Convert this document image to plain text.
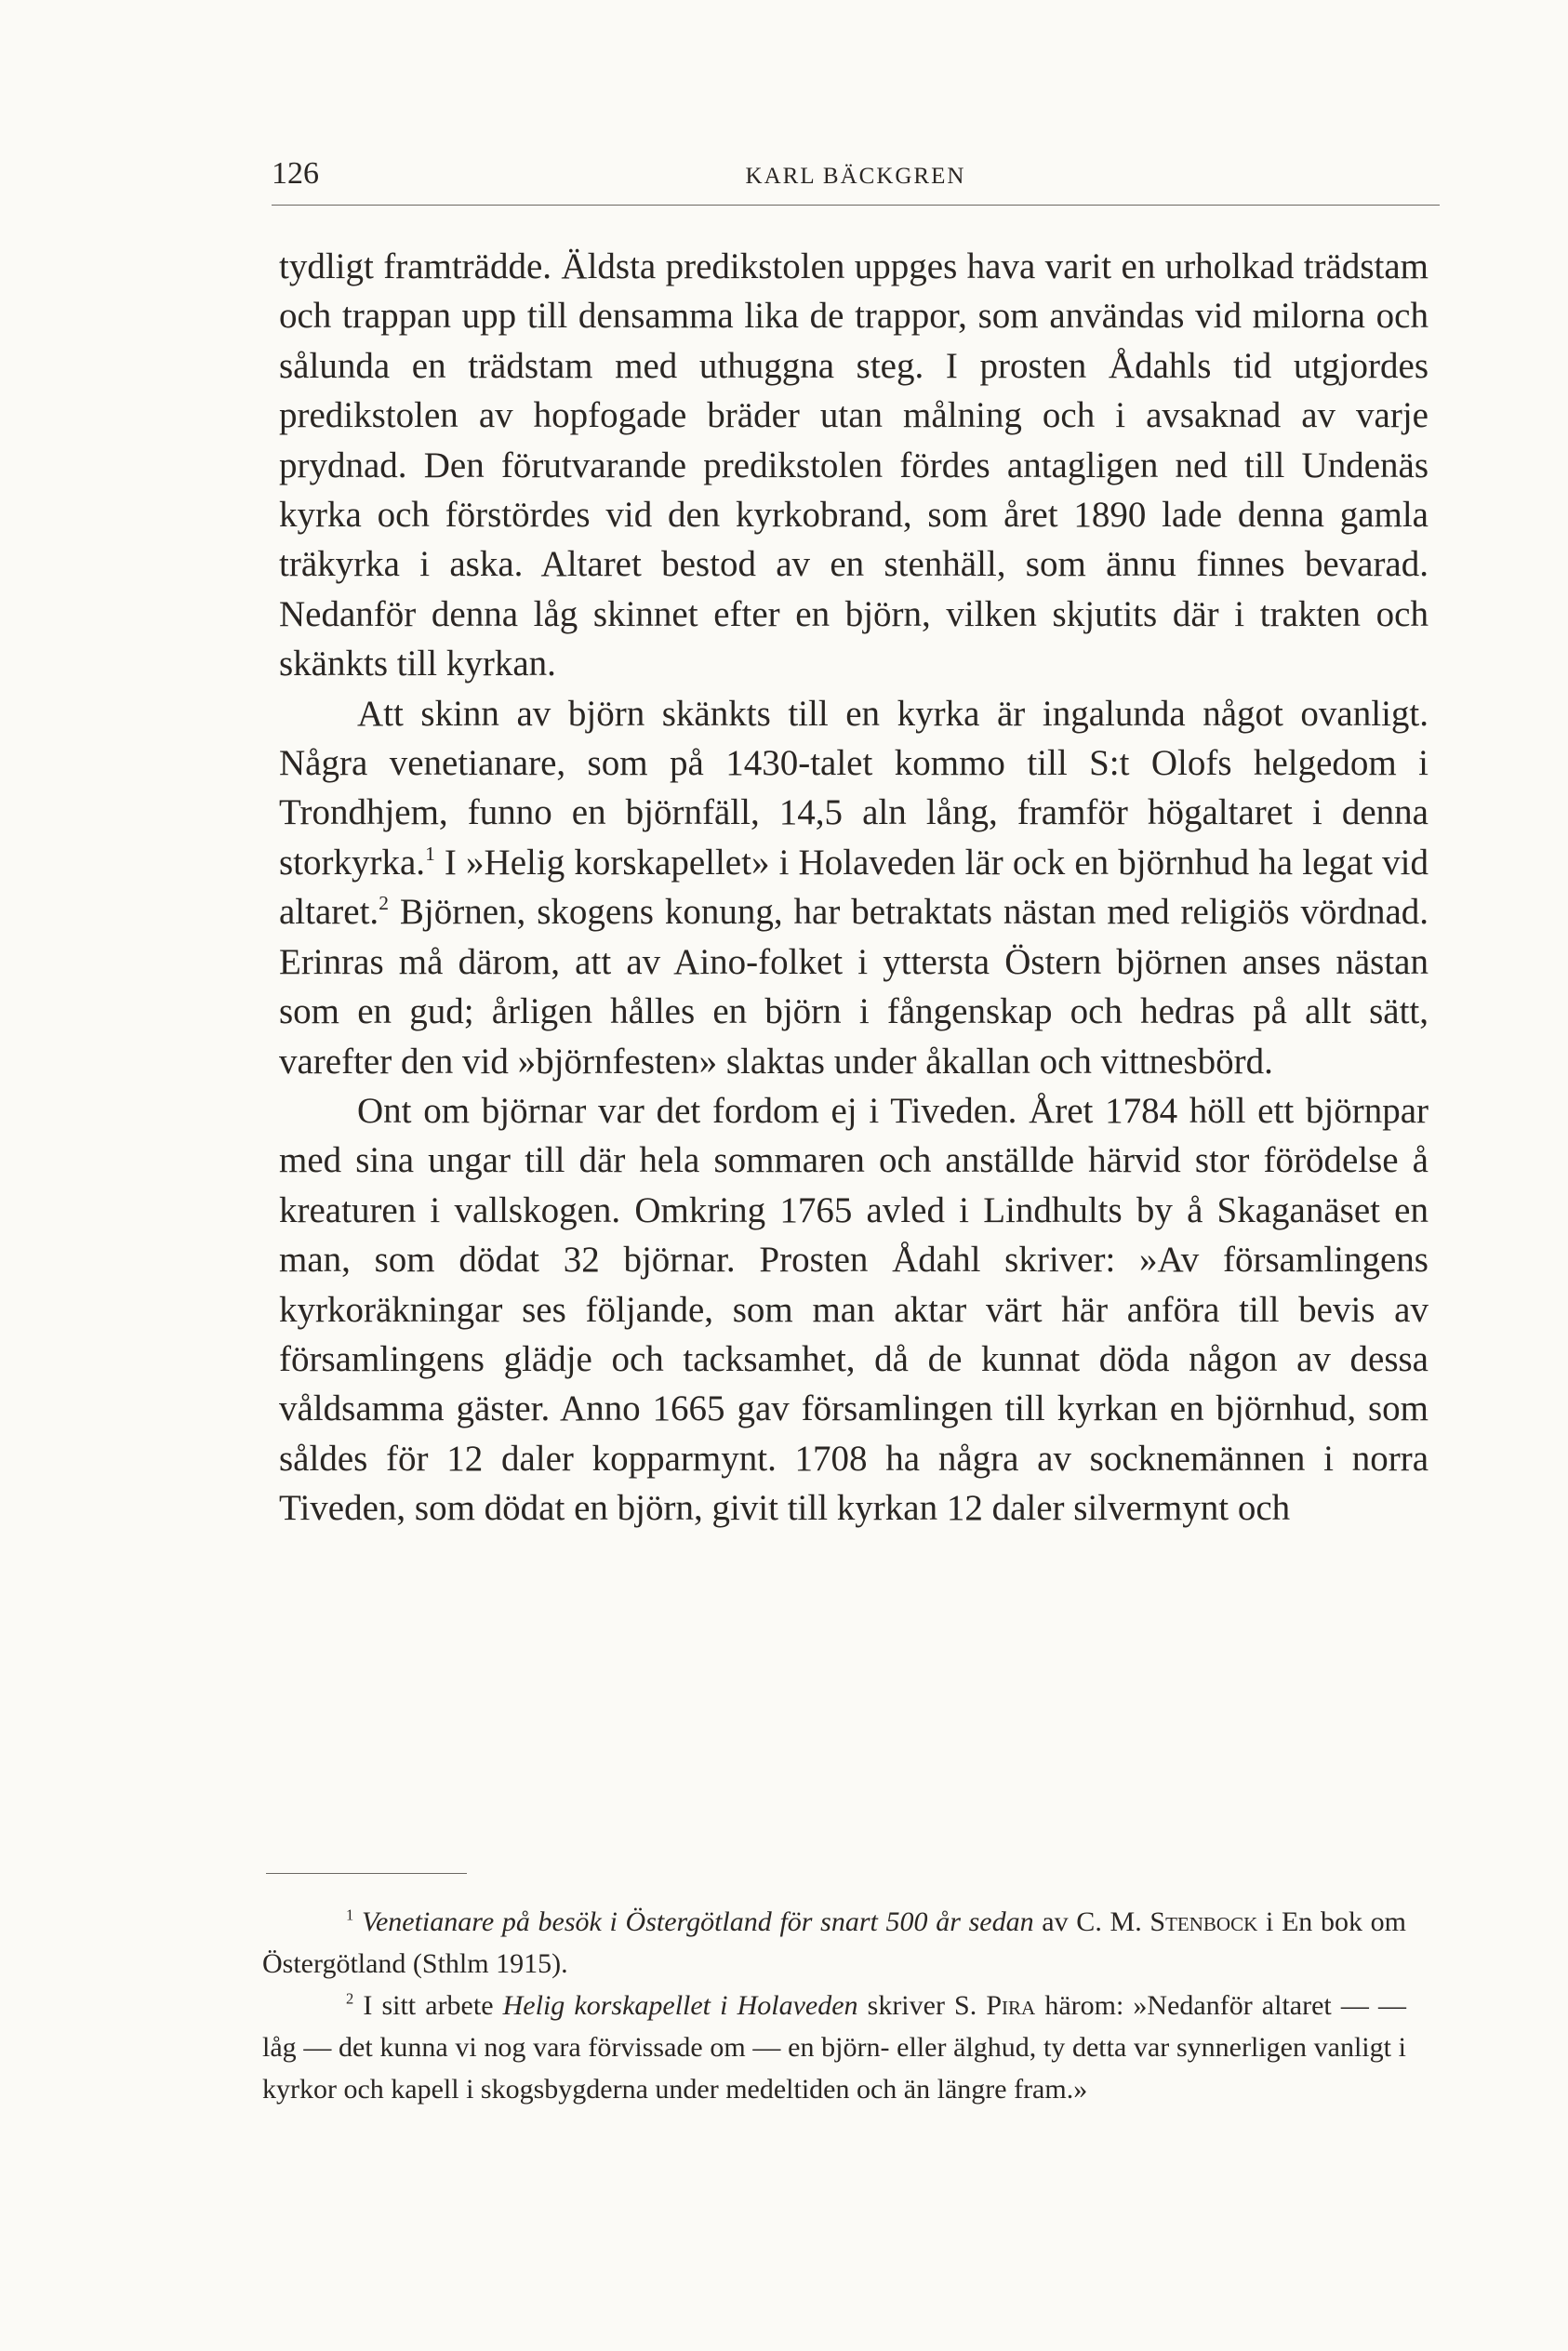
126	KARL BÄCKGREN

tydligt framträdde. Äldsta predikstolen uppges hava varit en urholkad trädstam och trappan upp till densamma lika de trappor, som användas vid milorna och sålunda en trädstam med uthuggna steg. I prosten Ådahls tid utgjordes predikstolen av hopfogade bräder utan målning och i avsaknad av varje prydnad. Den förutvarande predikstolen fördes antagligen ned till Undenäs kyrka och förstördes vid den kyrkobrand, som året 1890 lade denna gamla träkyrka i aska. Altaret bestod av en stenhäll, som ännu finnes bevarad. Nedanför denna låg skinnet efter en björn, vilken skjutits där i trakten och skänkts till kyrkan.

Att skinn av björn skänkts till en kyrka är ingalunda något ovanligt. Några venetianare, som på 1430-talet kommo till S:t Olofs helgedom i Trondhjem, funno en björnfäll, 14,5 aln lång, framför högaltaret i denna storkyrka.$^1$ I »Helig korskapellet» i Holaveden lär ock en björnhud ha legat vid altaret.$^2$ Björnen, skogens konung, har betraktats nästan med religiös vördnad. Erinras må därom, att av Aino-folket i yttersta Östern björnen anses nästan som en gud; årligen hålles en björn i fångenskap och hedras på allt sätt, varefter den vid »björnfesten» slaktas under åkallan och vittnesbörd.

Ont om björnar var det fordom ej i Tiveden. Året 1784 höll ett björnpar med sina ungar till där hela sommaren och anställde härvid stor förödelse å kreaturen i vallskogen. Omkring 1765 avled i Lindhults by å Skaganäset en man, som dödat 32 björnar. Prosten Ådahl skriver: »Av församlingens kyrkoräkningar ses följande, som man aktar värt här anföra till bevis av församlingens glädje och tacksamhet, då de kunnat döda någon av dessa våldsamma gäster. Anno 1665 gav församlingen till kyrkan en björnhud, som såldes för 12 daler kopparmynt. 1708 ha några av socknemännen i norra Tiveden, som dödat en björn, givit till kyrkan 12 daler silvermynt och

$^1$ Venetianare på besök i Östergötland för snart 500 år sedan av C. M. Stenbock i En bok om Östergötland (Sthlm 1915).

$^2$ I sitt arbete Helig korskapellet i Holaveden skriver S. Pira härom: »Nedanför altaret — — låg — det kunna vi nog vara förvissade om — en björn- eller älghud, ty detta var synnerligen vanligt i kyrkor och kapell i skogsbygderna under medeltiden och än längre fram.»
